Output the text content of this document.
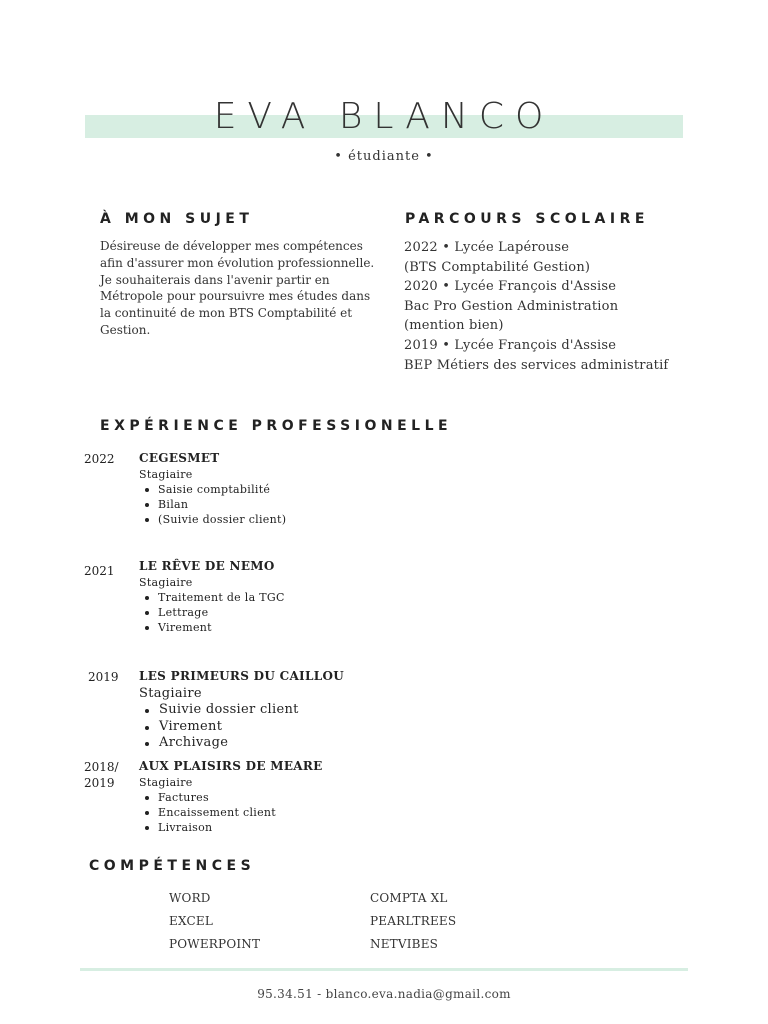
EVA BLANCO
• étudiante •
À MON SUJET
Désireuse de développer mes compétences
afin d'assurer mon évolution professionnelle.
Je souhaiterais dans l'avenir partir en
Métropole pour poursuivre mes études dans
la continuité de mon BTS Comptabilité et
Gestion.
PARCOURS SCOLAIRE
2022 • Lycée Lapérouse
(BTS Comptabilité Gestion)
2020 • Lycée François d'Assise
Bac Pro Gestion Administration
(mention bien)
2019 • Lycée François d'Assise
BEP Métiers des services administratif
EXPÉRIENCE PROFESSIONELLE
2022 CEGESMET
Stagiaire
Saisie comptabilité
Bilan
(Suivie dossier client)
2021 LE RÊVE DE NEMO
Stagiaire
Traitement de la TGC
Lettrage
Virement
2019 LES PRIMEURS DU CAILLOU
Stagiaire
Suivie dossier client
Virement
Archivage
2018/
2019
AUX PLAISIRS DE MEARE
Stagiaire
Factures
Encaissement client
Livraison
COMPÉTENCES
WORD
EXCEL
POWERPOINT
COMPTA XL
PEARLTREES
NETVIBES
95.34.51 - blanco.eva.nadia@gmail.com
